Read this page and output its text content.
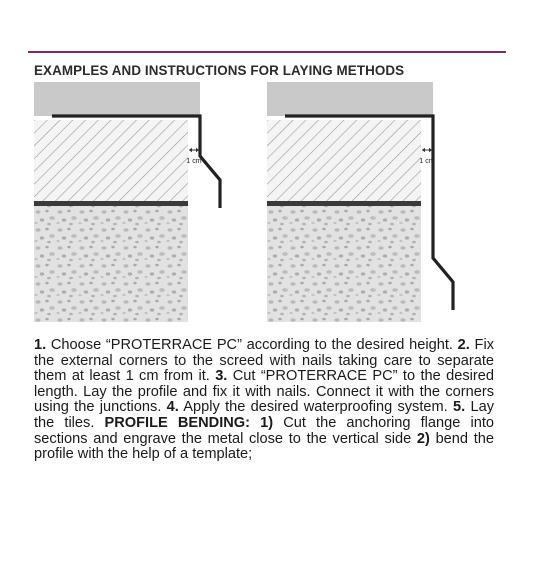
EXAMPLES AND INSTRUCTIONS FOR LAYING METHODS
1 cm	1 cm
1. Choose “PROTERRACE PC” according to the desired height. 2. Fix the external corners to the screed with nails taking care to separate them at least 1 cm from it. 3. Cut “PROTERRACE PC” to the desired length. Lay the profile and fix it with nails. Connect it with the corners using the junctions. 4. Apply the desired waterproofing system. 5. Lay the tiles. PROFILE BENDING: 1) Cut the anchoring flange into sections and engrave the metal close to the vertical side 2) bend the profile with the help of a template;
